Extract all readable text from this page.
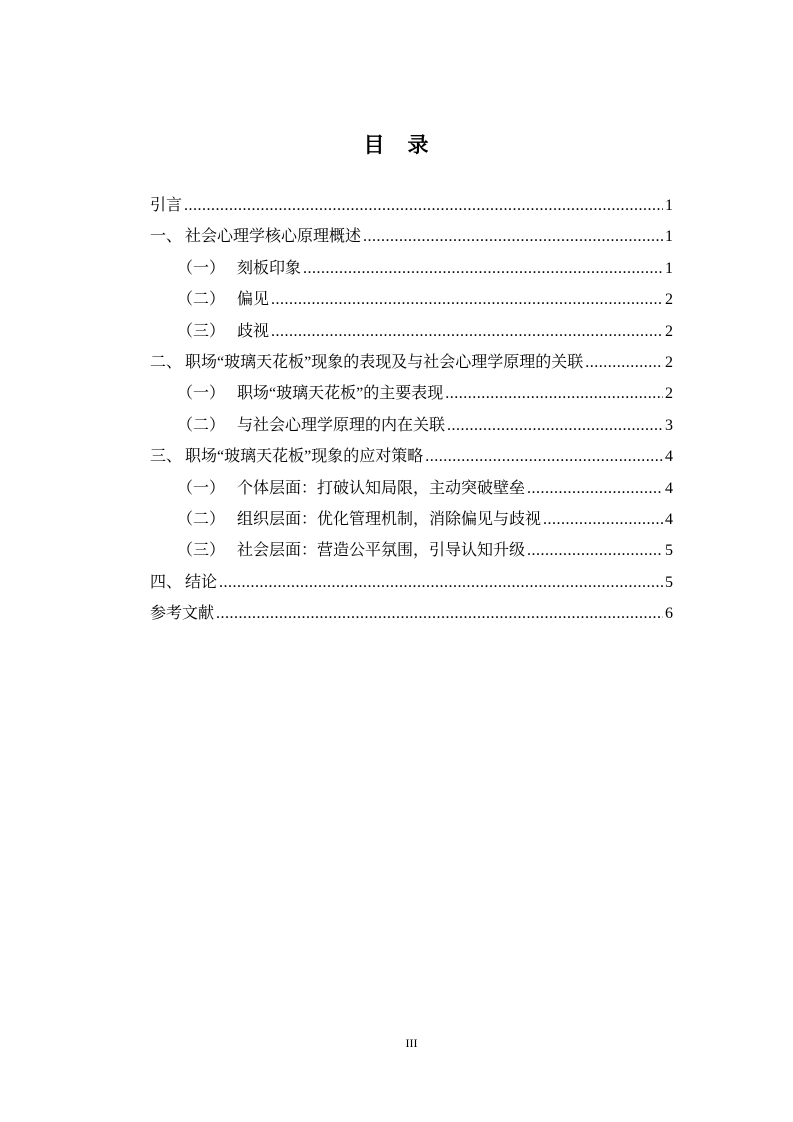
目　录
引言 .....	1
一、 社会心理学核心原理概述 .....	1
（一） 刻板印象 .....	1
（二） 偏见 .....	2
（三） 歧视 .....	2
二、 职场“玻璃天花板”现象的表现及与社会心理学原理的关联 .....	2
（一） 职场“玻璃天花板”的主要表现 .....	2
（二） 与社会心理学原理的内在关联 .....	3
三、 职场“玻璃天花板”现象的应对策略 .....	4
（一） 个体层面：打破认知局限，主动突破壁垒 .....	4
（二） 组织层面：优化管理机制，消除偏见与歧视 .....	4
（三） 社会层面：营造公平氛围，引导认知升级 .....	5
四、 结论 .....	5
参考文献 .....	6
III
